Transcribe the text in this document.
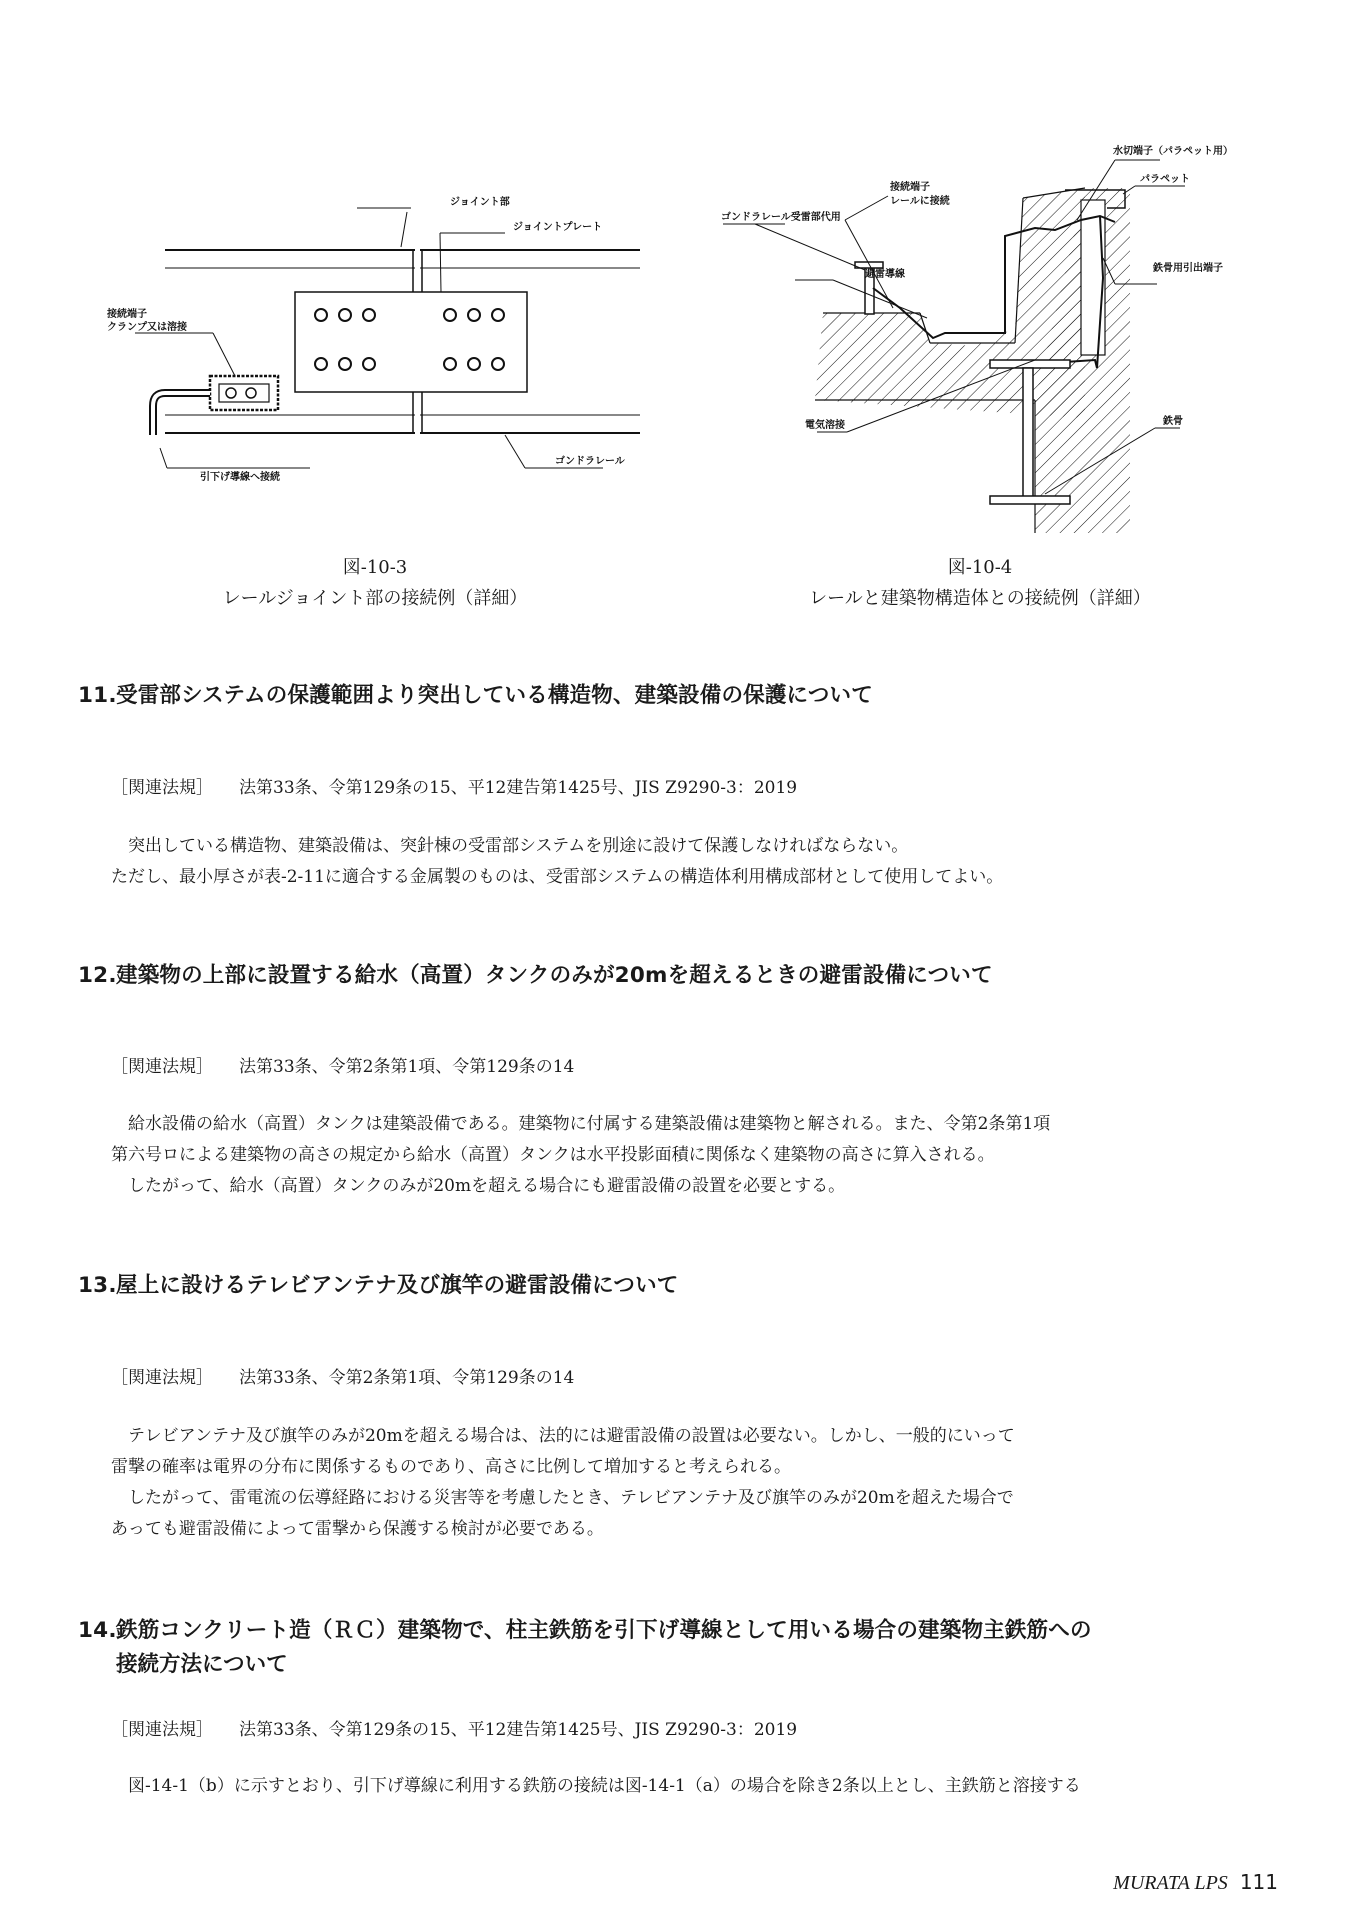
ジョイント部
ジョイントプレート
接続端子
クランプ又は溶接
ゴンドラレール
引下げ導線へ接続
水切端子（パラペット用）
パラペット
接続端子
レールに接続
ゴンドラレール受雷部代用
避雷導線
鉄骨用引出端子
電気溶接	鉄骨
図-10-3
レールジョイント部の接続例（詳細）
図-10-4
レールと建築物構造体との接続例（詳細）
11.受雷部システムの保護範囲より突出している構造物、建築設備の保護について
［関連法規］ 法第33条、令第129条の15、平12建告第1425号、JIS Z9290-3：2019
　突出している構造物、建築設備は、突針棟の受雷部システムを別途に設けて保護しなければならない。
ただし、最小厚さが表-2-11に適合する金属製のものは、受雷部システムの構造体利用構成部材として使用してよい。
12.建築物の上部に設置する給水（高置）タンクのみが20mを超えるときの避雷設備について
［関連法規］ 法第33条、令第2条第1項、令第129条の14
　給水設備の給水（高置）タンクは建築設備である。建築物に付属する建築設備は建築物と解される。また、令第2条第1項
第六号ロによる建築物の高さの規定から給水（高置）タンクは水平投影面積に関係なく建築物の高さに算入される。
　したがって、給水（高置）タンクのみが20mを超える場合にも避雷設備の設置を必要とする。
13.屋上に設けるテレビアンテナ及び旗竿の避雷設備について
［関連法規］ 法第33条、令第2条第1項、令第129条の14
　テレビアンテナ及び旗竿のみが20mを超える場合は、法的には避雷設備の設置は必要ない。しかし、一般的にいって
雷撃の確率は電界の分布に関係するものであり、高さに比例して増加すると考えられる。
　したがって、雷電流の伝導経路における災害等を考慮したとき、テレビアンテナ及び旗竿のみが20mを超えた場合で
あっても避雷設備によって雷撃から保護する検討が必要である。
14.鉄筋コンクリート造（ＲＣ）建築物で、柱主鉄筋を引下げ導線として用いる場合の建築物主鉄筋への
接続方法について
［関連法規］ 法第33条、令第129条の15、平12建告第1425号、JIS Z9290-3：2019
　図-14-1（b）に示すとおり、引下げ導線に利用する鉄筋の接続は図-14-1（a）の場合を除き2条以上とし、主鉄筋と溶接する
MURATA LPS 111
